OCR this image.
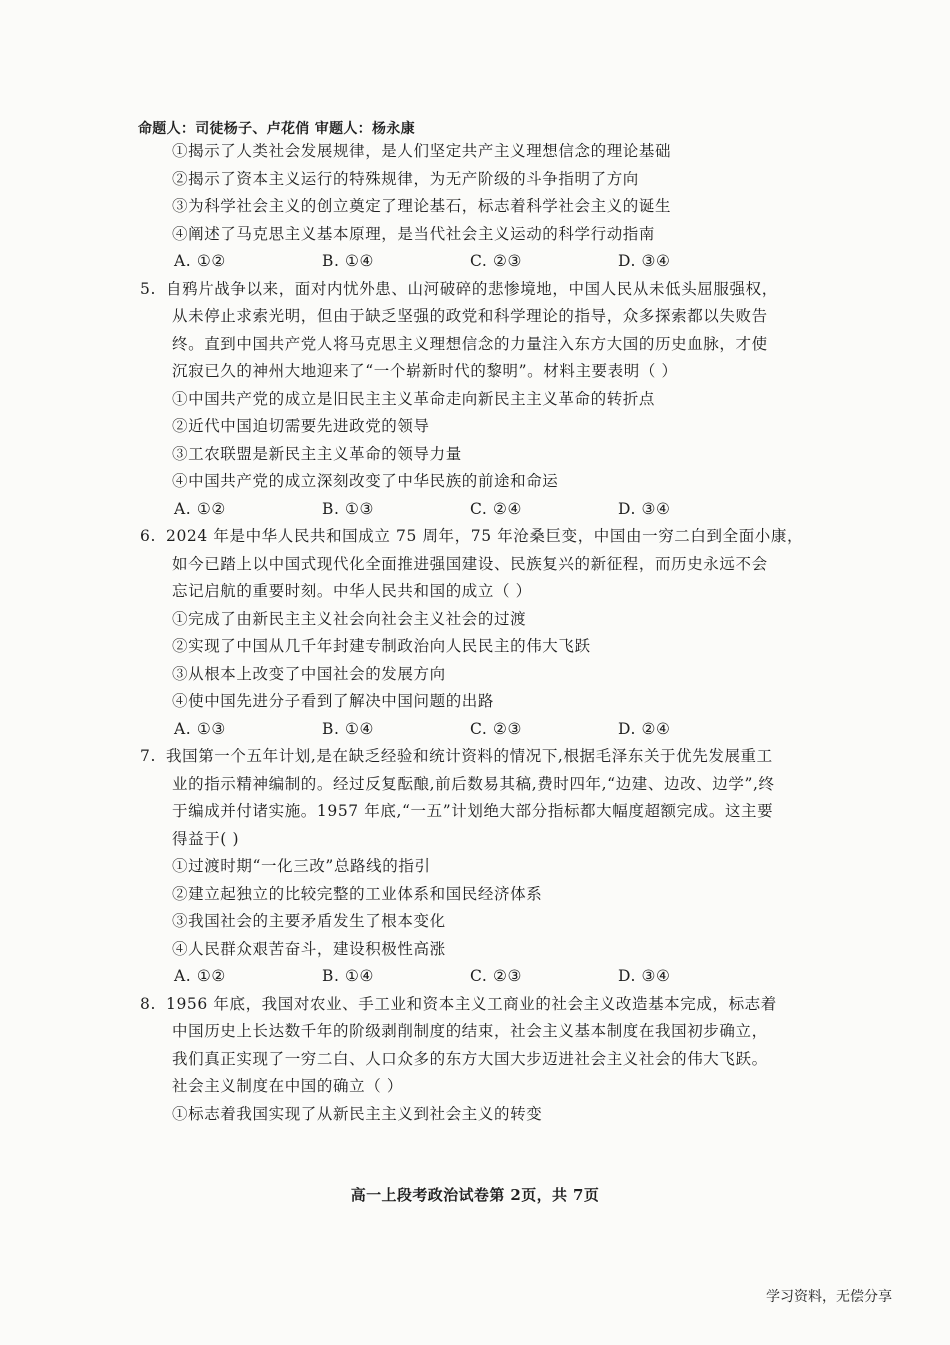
命题人：司徒杨子、卢花俏 审题人：杨永康
①揭示了人类社会发展规律，是人们坚定共产主义理想信念的理论基础
②揭示了资本主义运行的特殊规律，为无产阶级的斗争指明了方向
③为科学社会主义的创立奠定了理论基石，标志着科学社会主义的诞生
④阐述了马克思主义基本原理，是当代社会主义运动的科学行动指南
A. ①②	B. ①④	C. ②③	D. ③④
5. 自鸦片战争以来，面对内忧外患、山河破碎的悲惨境地，中国人民从未低头屈服强权，
从未停止求索光明，但由于缺乏坚强的政党和科学理论的指导，众多探索都以失败告
终。直到中国共产党人将马克思主义理想信念的力量注入东方大国的历史血脉，才使
沉寂已久的神州大地迎来了“一个崭新时代的黎明”。材料主要表明（ ）
①中国共产党的成立是旧民主主义革命走向新民主主义革命的转折点
②近代中国迫切需要先进政党的领导
③工农联盟是新民主主义革命的领导力量
④中国共产党的成立深刻改变了中华民族的前途和命运
A. ①②	B. ①③	C. ②④	D. ③④
6. 2024 年是中华人民共和国成立 75 周年，75 年沧桑巨变，中国由一穷二白到全面小康，
如今已踏上以中国式现代化全面推进强国建设、民族复兴的新征程，而历史永远不会
忘记启航的重要时刻。中华人民共和国的成立（ ）
①完成了由新民主主义社会向社会主义社会的过渡
②实现了中国从几千年封建专制政治向人民民主的伟大飞跃
③从根本上改变了中国社会的发展方向
④使中国先进分子看到了解决中国问题的出路
A. ①③	B. ①④	C. ②③	D. ②④
7. 我国第一个五年计划,是在缺乏经验和统计资料的情况下,根据毛泽东关于优先发展重工
业的指示精神编制的。经过反复酝酿,前后数易其稿,费时四年,“边建、边改、边学”,终
于编成并付诸实施。1957 年底,“一五”计划绝大部分指标都大幅度超额完成。这主要
得益于( )
①过渡时期“一化三改”总路线的指引
②建立起独立的比较完整的工业体系和国民经济体系
③我国社会的主要矛盾发生了根本变化
④人民群众艰苦奋斗，建设积极性高涨
A. ①②	B. ①④	C. ②③	D. ③④
8. 1956 年底，我国对农业、手工业和资本主义工商业的社会主义改造基本完成，标志着
中国历史上长达数千年的阶级剥削制度的结束，社会主义基本制度在我国初步确立，
我们真正实现了一穷二白、人口众多的东方大国大步迈进社会主义社会的伟大飞跃。
社会主义制度在中国的确立（ ）
①标志着我国实现了从新民主主义到社会主义的转变
高一上段考政治试卷第 2页，共 7页
学习资料，无偿分享
